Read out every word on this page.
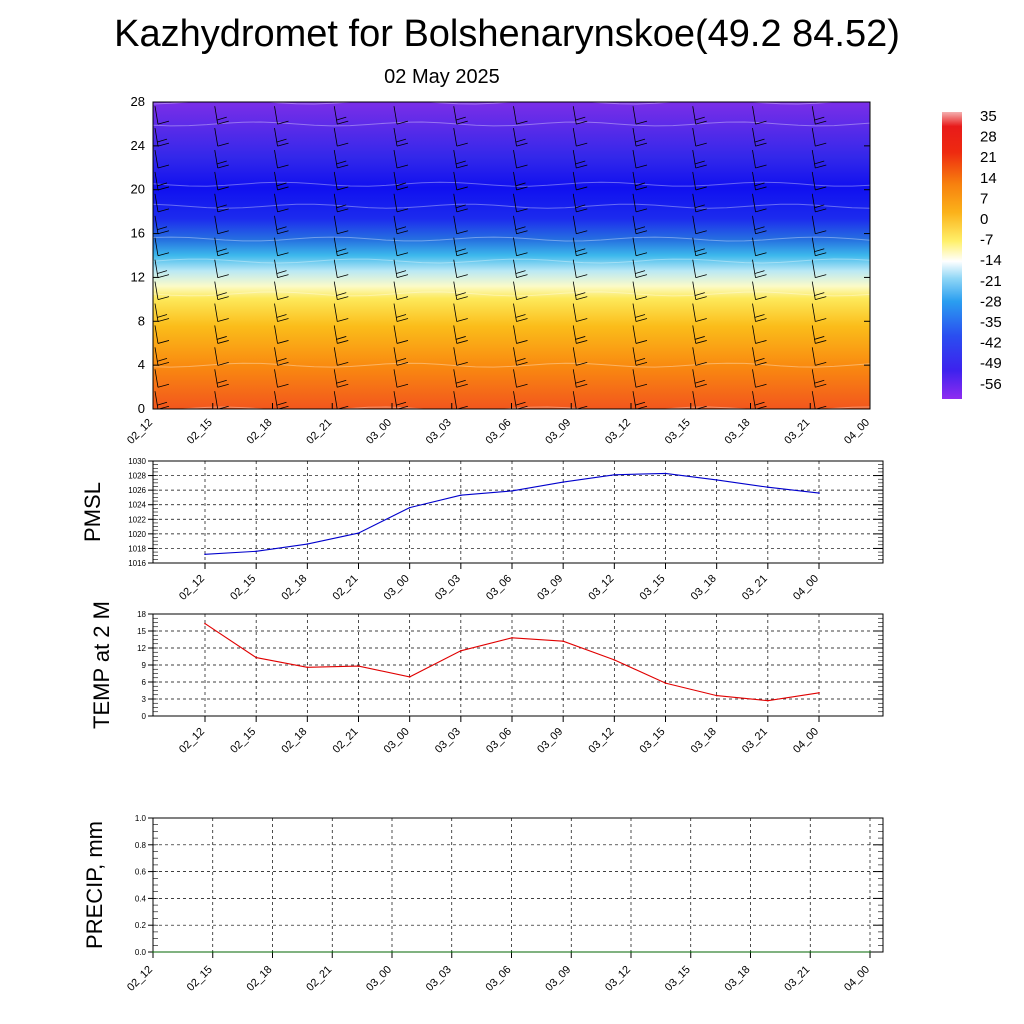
Kazhydromet for Bolshenarynskoe(49.2 84.52)
02 May 2025
0
4
8
12
16
20
24
28
02_12	02_15	02_18	02_21	03_00	03_03	03_06	03_09	03_12	03_15	03_18	03_21	04_00
35
28
21
14
7
0
-7
-14
-21
-28
-35
-42
-49
-56
1016
1018
1020
1022
1024
1026
1028
1030
02_12 02_15 02_18 02_21 03_00 03_03 03_06 03_09 03_12 03_15 03_18 03_21 04_00
PMSL
0
3
6
9
12
15
18
02_12 02_15 02_18 02_21 03_00 03_03 03_06 03_09 03_12 03_15 03_18 03_21 04_00
TEMP at 2 M
0.0
0.2
0.4
0.6
0.8
1.0
02_12	02_15	02_18	02_21	03_00	03_03	03_06	03_09	03_12	03_15	03_18	03_21	04_00
PRECIP, mm
